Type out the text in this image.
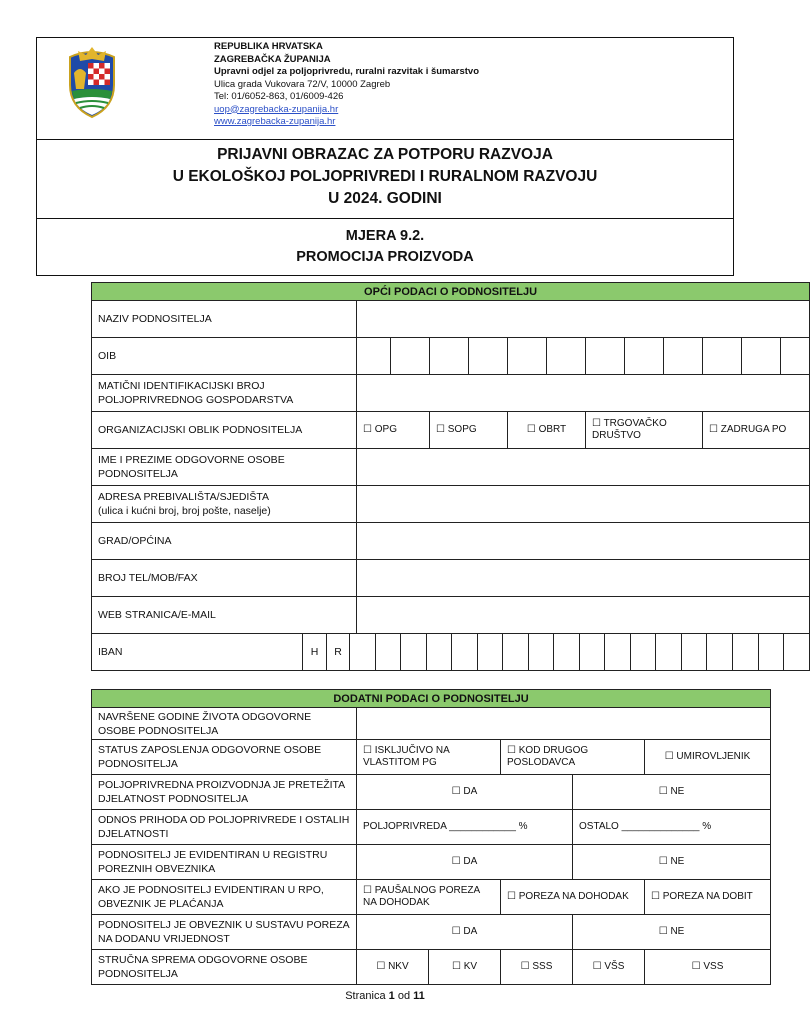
REPUBLIKA HRVATSKA
ZAGREBAČKA ŽUPANIJA
Upravni odjel za poljoprivredu, ruralni razvitak i šumarstvo
Ulica grada Vukovara 72/V, 10000 Zagreb
Tel: 01/6052-863, 01/6009-426
uop@zagrebacka-zupanija.hr
www.zagrebacka-zupanija.hr
PRIJAVNI OBRAZAC ZA POTPORU RAZVOJA
U EKOLOŠKOJ POLJOPRIVREDI I RURALNOM RAZVOJU
U 2024. GODINI
MJERA 9.2.
PROMOCIJA PROIZVODA
OPĆI PODACI O PODNOSITELJU
NAZIV PODNOSITELJA	
OIB												
MATIČNI IDENTIFIKACIJSKI BROJ POLJOPRIVREDNOG GOSPODARSTVA	
ORGANIZACIJSKI OBLIK PODNOSITELJA	☐ OPG	☐ SOPG	☐ OBRT	☐ TRGOVAČKO DRUŠTVO	☐ ZADRUGA PO
IME I PREZIME ODGOVORNE OSOBE PODNOSITELJA	

ADRESA PREBIVALIŠTA/SJEDIŠTA
(ulica i kućni broj, broj pošte, naselje)

GRAD/OPĆINA	
BROJ TEL/MOB/FAX	
WEB STRANICA/E-MAIL	

IBAN	H	R																		
DODATNI PODACI O PODNOSITELJU					
NAVRŠENE GODINE ŽIVOTA ODGOVORNE OSOBE PODNOSITELJA					
STATUS ZAPOSLENJA ODGOVORNE OSOBE PODNOSITELJA	☐ ISKLJUČIVO NA VLASTITOM PG		☐ KOD DRUGOG POSLODAVCA		☐ UMIROVLJENIK
POLJOPRIVREDNA PROIZVODNJA JE PRETEŽITA DJELATNOST PODNOSITELJA	☐ DA			☐ NE	
ODNOS PRIHODA OD POLJOPRIVREDE I OSTALIH DJELATNOSTI	POLJOPRIVREDA ____________ %			OSTALO ______________ %	
PODNOSITELJ JE EVIDENTIRAN U REGISTRU POREZNIH OBVEZNIKA	☐ DA			☐ NE	
AKO JE PODNOSITELJ EVIDENTIRAN U RPO, OBVEZNIK JE PLAĆANJA	☐ PAUŠALNOG POREZA NA DOHODAK		☐ POREZA NA DOHODAK		☐ POREZA NA DOBIT
PODNOSITELJ JE OBVEZNIK U SUSTAVU POREZA NA DODANU VRIJEDNOST	☐ DA			☐ NE	
STRUČNA SPREMA ODGOVORNE OSOBE PODNOSITELJA	☐ NKV	☐ KV	☐ SSS	☐ VŠS	☐ VSS
Stranica 1 od 11
